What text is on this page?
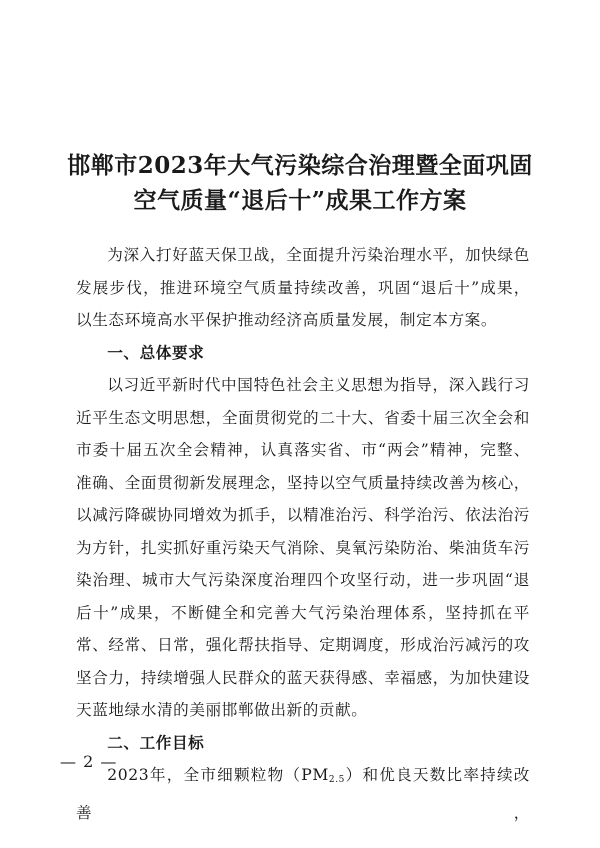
邯郸市2023年大气污染综合治理暨全面巩固
空气质量“退后十”成果工作方案

为深入打好蓝天保卫战，全面提升污染治理水平，加快绿色发展步伐，推进环境空气质量持续改善，巩固“退后十”成果，以生态环境高水平保护推动经济高质量发展，制定本方案。

一、总体要求

以习近平新时代中国特色社会主义思想为指导，深入践行习近平生态文明思想，全面贯彻党的二十大、省委十届三次全会和市委十届五次全会精神，认真落实省、市“两会”精神，完整、准确、全面贯彻新发展理念，坚持以空气质量持续改善为核心，以减污降碳协同增效为抓手，以精准治污、科学治污、依法治污为方针，扎实抓好重污染天气消除、臭氧污染防治、柴油货车污染治理、城市大气污染深度治理四个攻坚行动，进一步巩固“退后十”成果，不断健全和完善大气污染治理体系，坚持抓在平常、经常、日常，强化帮扶指导、定期调度，形成治污减污的攻坚合力，持续增强人民群众的蓝天获得感、幸福感，为加快建设天蓝地绿水清的美丽邯郸做出新的贡献。

二、工作目标

2023年，全市细颗粒物$(PM_{2.5})$和优良天数比率持续改善，

— 2 —
